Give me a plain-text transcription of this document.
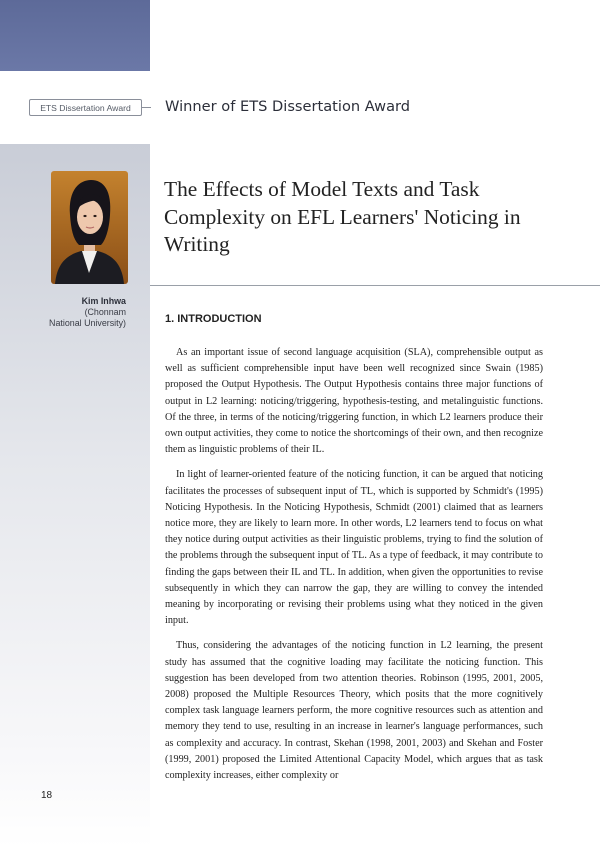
ETS Dissertation Award	Winner of ETS Dissertation Award
Kim Inhwa
(Chonnam
National University)
The Effects of Model Texts and Task Complexity on EFL Learners' Noticing in Writing
1. INTRODUCTION

As an important issue of second language acquisition (SLA), comprehensible output as well as sufficient comprehensible input have been well recognized since Swain (1985) proposed the Output Hypothesis. The Output Hypothesis contains three major functions of output in L2 learning: noticing/triggering, hypothesis-testing, and metalinguistic functions. Of the three, in terms of the noticing/triggering function, in which L2 learners produce their own output activities, they come to notice the shortcomings of their own, and then recognize them as linguistic problems of their IL.

In light of learner-oriented feature of the noticing function, it can be argued that noticing facilitates the processes of subsequent input of TL, which is supported by Schmidt's (1995) Noticing Hypothesis. In the Noticing Hypothesis, Schmidt (2001) claimed that as learners notice more, they are likely to learn more. In other words, L2 learners tend to focus on what they notice during output activities as their linguistic problems, trying to find the solution of the problems through the subsequent input of TL. As a type of feedback, it may contribute to finding the gaps between their IL and TL. In addition, when given the opportunities to revise subsequently in which they can narrow the gap, they are willing to convey the intended meaning by incorporating or revising their problems using what they noticed in the given input.

Thus, considering the advantages of the noticing function in L2 learning, the present study has assumed that the cognitive loading may facilitate the noticing function. This suggestion has been developed from two attention theories. Robinson (1995, 2001, 2005, 2008) proposed the Multiple Resources Theory, which posits that the more cognitively complex task language learners perform, the more cognitive resources such as attention and memory they tend to use, resulting in an increase in learner's language performances, such as complexity and accuracy. In contrast, Skehan (1998, 2001, 2003) and Skehan and Foster (1999, 2001) proposed the Limited Attentional Capacity Model, which argues that as task complexity increases, either complexity or

18
